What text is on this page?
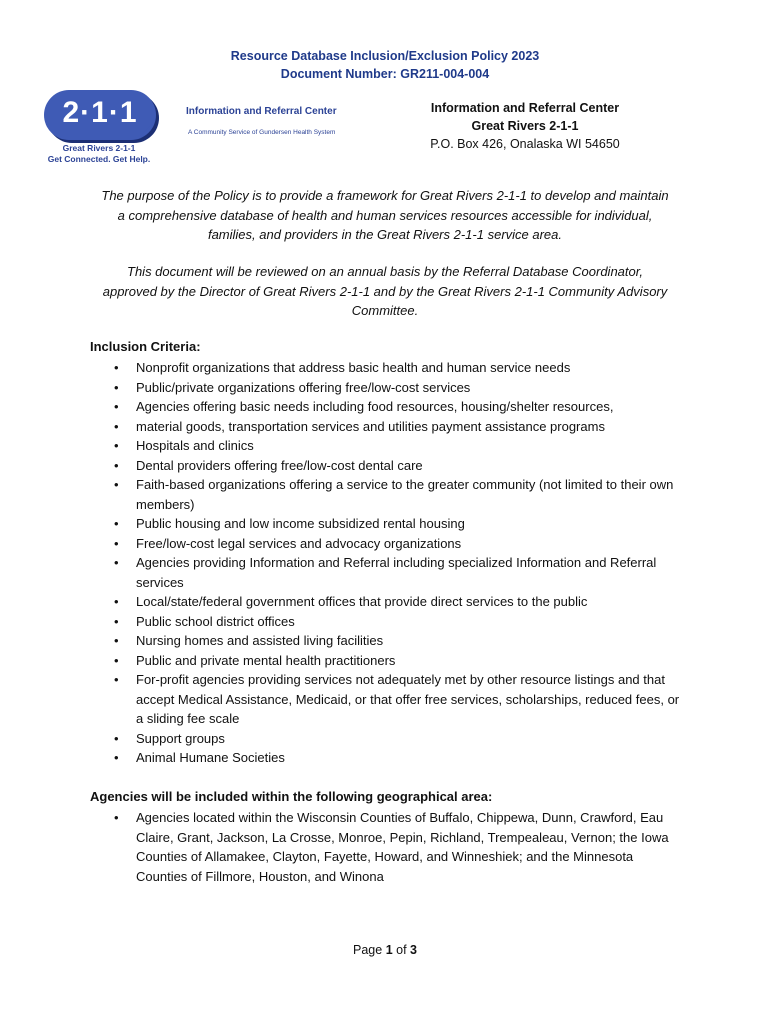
Resource Database Inclusion/Exclusion Policy 2023
Document Number: GR211-004-004
2·1·1
Great Rivers 2-1-1
Get Connected. Get Help.
Information and Referral Center
A Community Service of Gundersen Health System
Information and Referral Center
Great Rivers 2-1-1
P.O. Box 426, Onalaska WI 54650
The purpose of the Policy is to provide a framework for Great Rivers 2-1-1 to develop and maintain a comprehensive database of health and human services resources accessible for individual, families, and providers in the Great Rivers 2-1-1 service area.
This document will be reviewed on an annual basis by the Referral Database Coordinator, approved by the Director of Great Rivers 2-1-1 and by the Great Rivers 2-1-1 Community Advisory Committee.
Inclusion Criteria:
• Nonprofit organizations that address basic health and human service needs
• Public/private organizations offering free/low-cost services
• Agencies offering basic needs including food resources, housing/shelter resources,
• material goods, transportation services and utilities payment assistance programs
• Hospitals and clinics
• Dental providers offering free/low-cost dental care
• Faith-based organizations offering a service to the greater community (not limited to their own members)
• Public housing and low income subsidized rental housing
• Free/low-cost legal services and advocacy organizations
• Agencies providing Information and Referral including specialized Information and Referral services
• Local/state/federal government offices that provide direct services to the public
• Public school district offices
• Nursing homes and assisted living facilities
• Public and private mental health practitioners
• For-profit agencies providing services not adequately met by other resource listings and that accept Medical Assistance, Medicaid, or that offer free services, scholarships, reduced fees, or a sliding fee scale
• Support groups
• Animal Humane Societies
Agencies will be included within the following geographical area:
• Agencies located within the Wisconsin Counties of Buffalo, Chippewa, Dunn, Crawford, Eau Claire, Grant, Jackson, La Crosse, Monroe, Pepin, Richland, Trempealeau, Vernon; the Iowa Counties of Allamakee, Clayton, Fayette, Howard, and Winneshiek; and the Minnesota Counties of Fillmore, Houston, and Winona
Page 1 of 3
